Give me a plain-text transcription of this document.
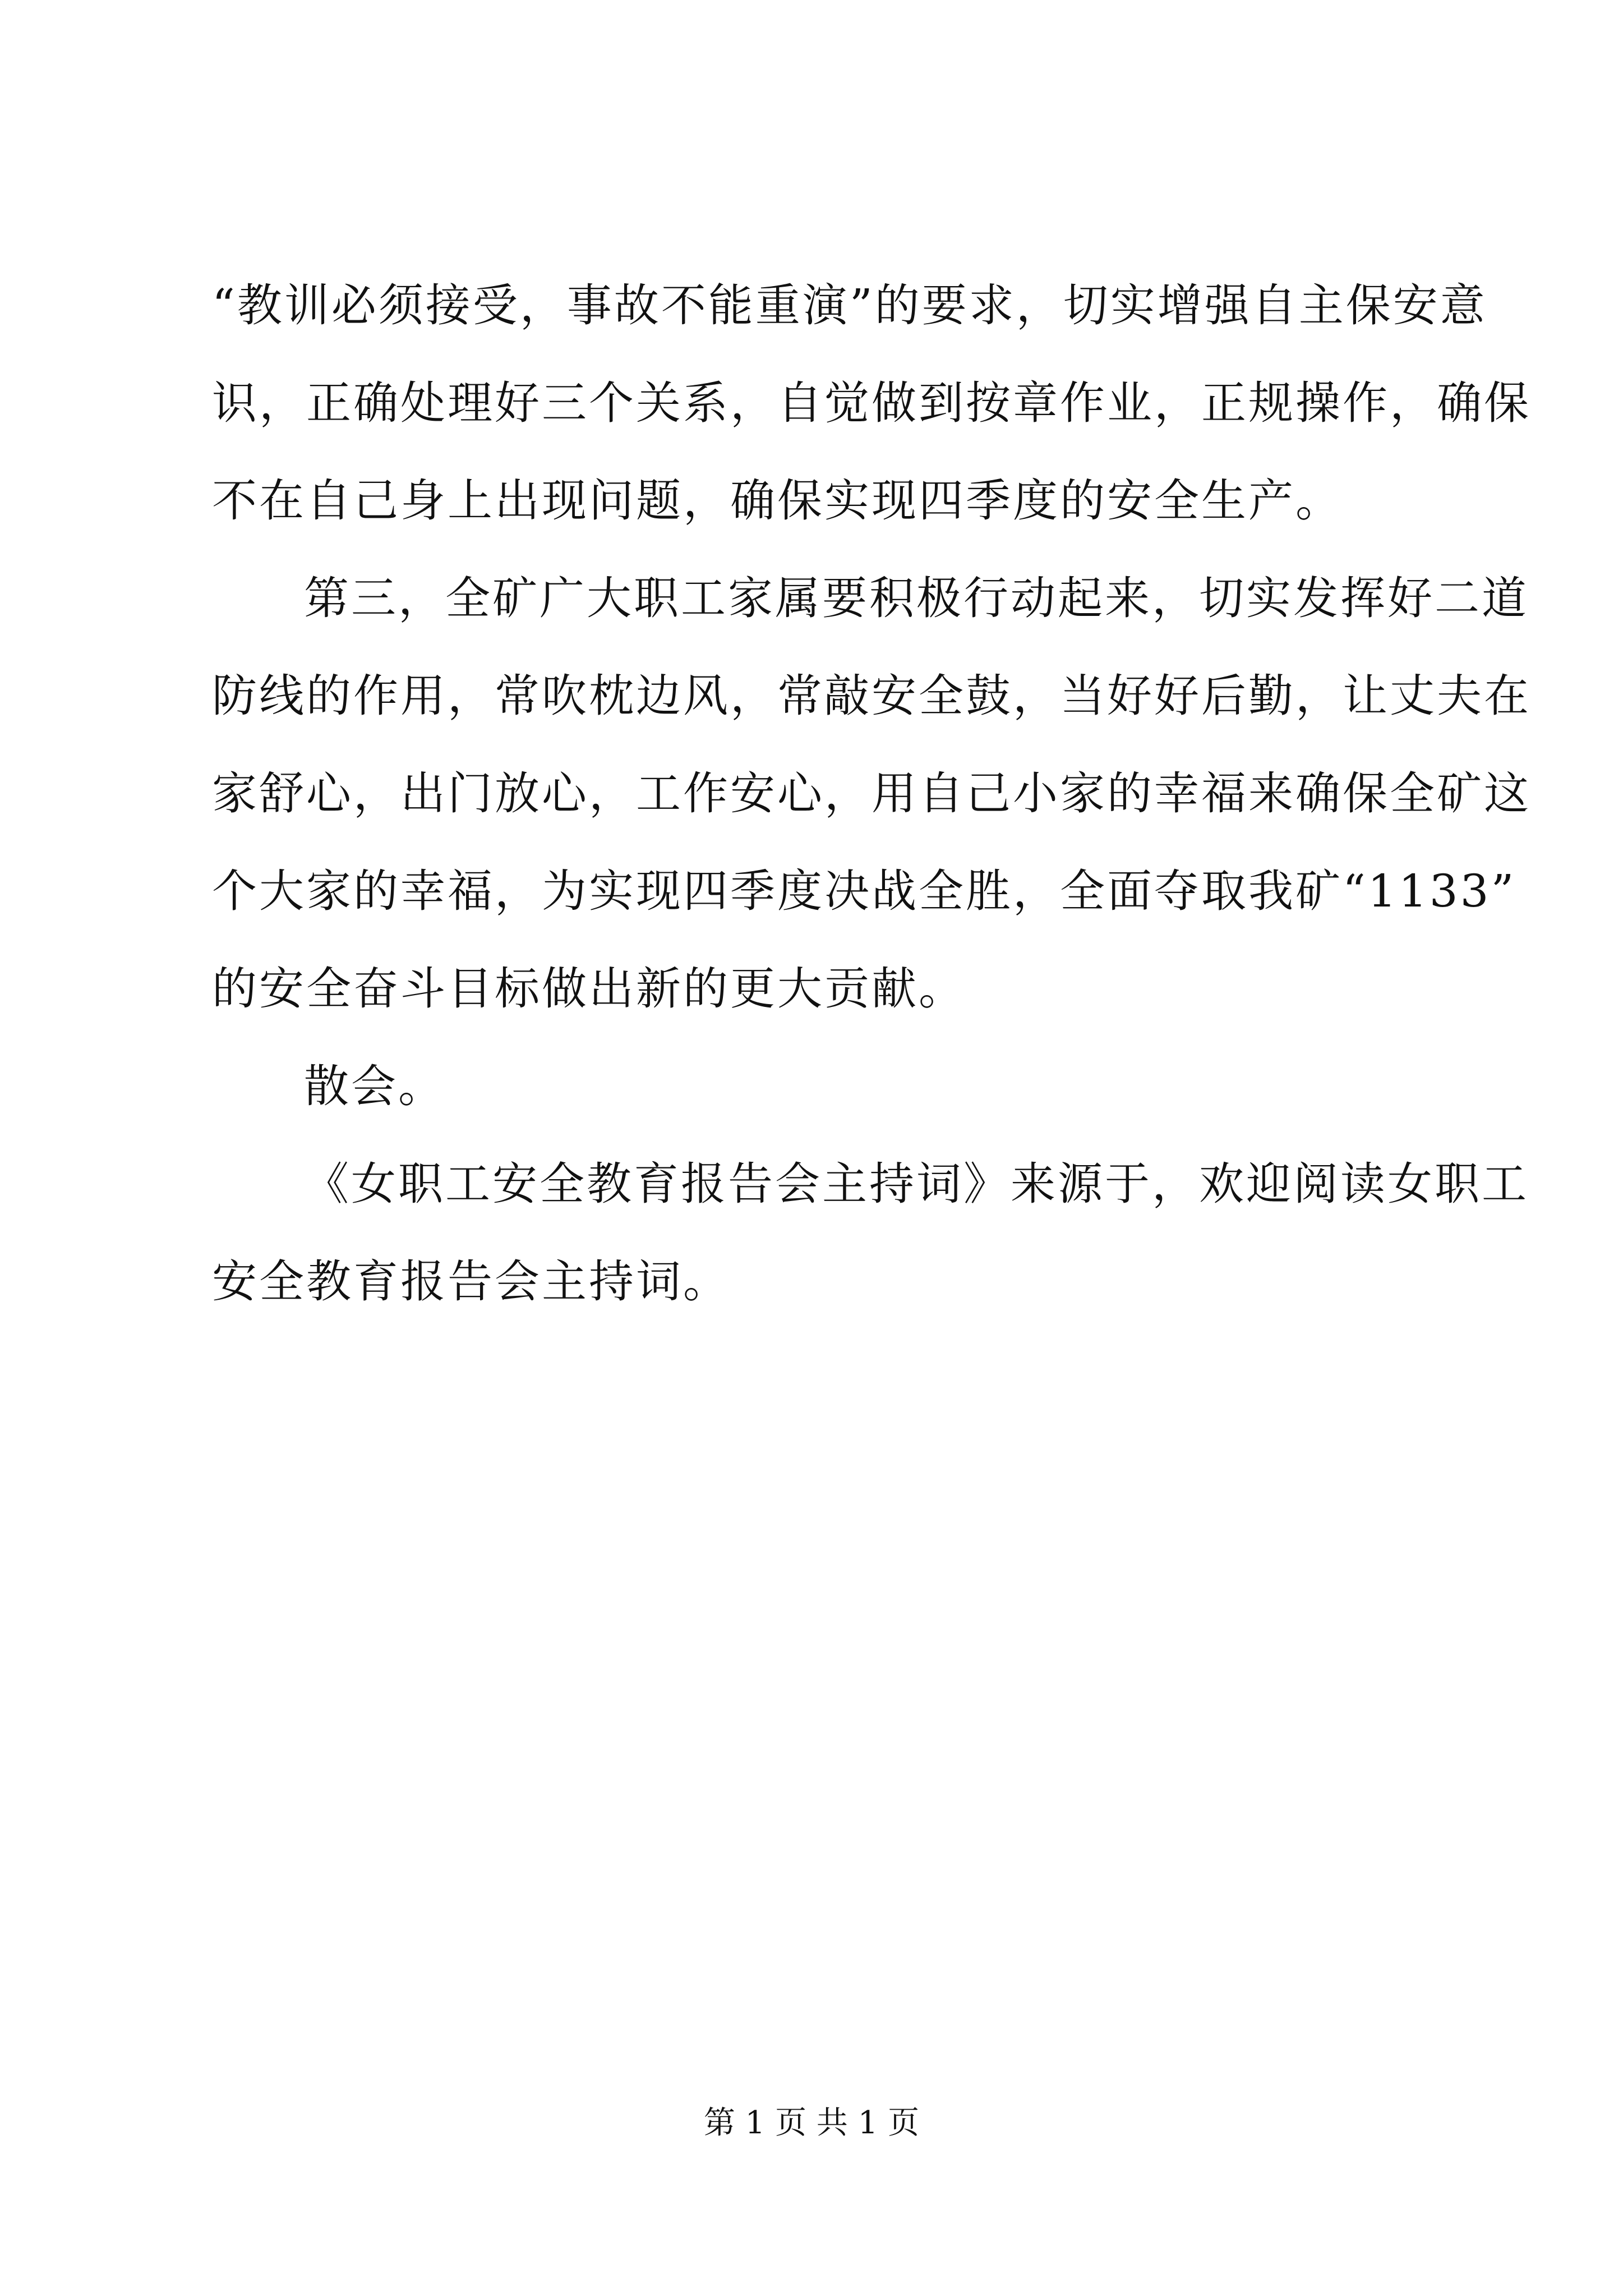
“教训必须接受，事故不能重演”的要求，切实增强自主保安意
识，正确处理好三个关系，自觉做到按章作业，正规操作，确保
不在自己身上出现问题，确保实现四季度的安全生产。
第三，全矿广大职工家属要积极行动起来，切实发挥好二道
防线的作用，常吹枕边风，常敲安全鼓，当好好后勤，让丈夫在
家舒心，出门放心，工作安心，用自己小家的幸福来确保全矿这
个大家的幸福，为实现四季度决战全胜，全面夺取我矿“1133”
的安全奋斗目标做出新的更大贡献。
散会。
《女职工安全教育报告会主持词》来源于，欢迎阅读女职工
安全教育报告会主持词。
第 1 页 共 1 页
